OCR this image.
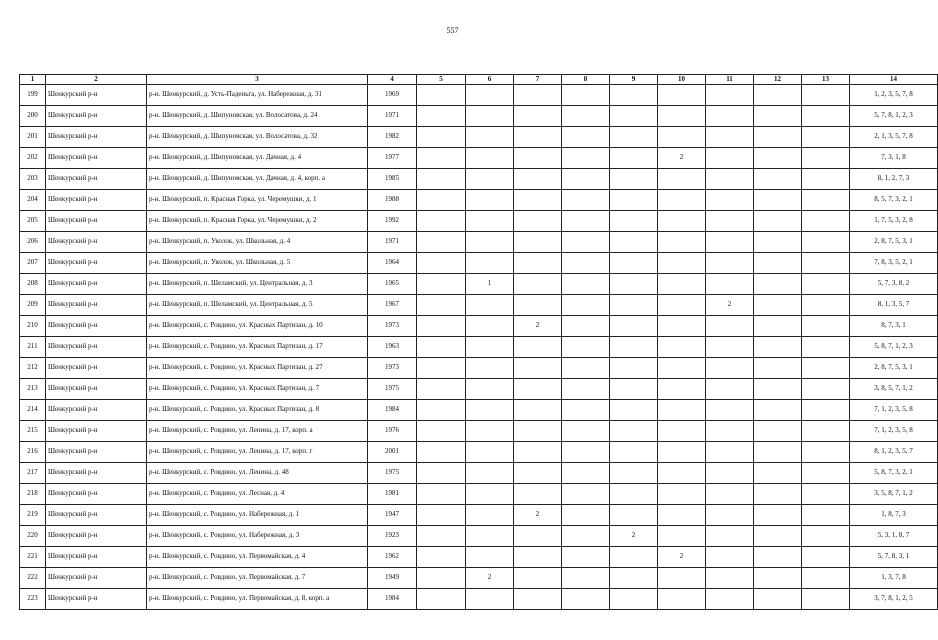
557
1	2	3	4	5	6	7	8	9	10	11	12	13	14
199	Шенкурский р-н	р-н. Шенкурский, д. Усть-Паденьга, ул. Набережная, д. 31	1969										1, 2, 3, 5, 7, 8
200	Шенкурский р-н	р-н. Шенкурский, д. Шипуновская, ул. Волосатова, д. 24	1971										5, 7, 8, 1, 2, 3
201	Шенкурский р-н	р-н. Шенкурский, д. Шипуновская, ул. Волосатова, д. 32	1982										2, 1, 3, 5, 7, 8
202	Шенкурский р-н	р-н. Шенкурский, д. Шипуновская, ул. Дачная, д. 4	1977						2				7, 3, 1, 8
203	Шенкурский р-н	р-н. Шенкурский, д. Шипуновская, ул. Дачная, д. 4, корп. а	1985										8, 1, 2, 7, 3
204	Шенкурский р-н	р-н. Шенкурский, п. Красная Горка, ул. Черемушки, д. 1	1988										8, 5, 7, 3, 2, 1
205	Шенкурский р-н	р-н. Шенкурский, п. Красная Горка, ул. Черемушки, д. 2	1992										1, 7, 5, 3, 2, 8
206	Шенкурский р-н	р-н. Шенкурский, п. Уколок, ул. Школьная, д. 4	1971										2, 8, 7, 5, 3, 1
207	Шенкурский р-н	р-н. Шенкурский, п. Уколок, ул. Школьная, д. 5	1964										7, 8, 3, 5, 2, 1
208	Шенкурский р-н	р-н. Шенкурский, п. Шеламский, ул. Центральная, д. 3	1965		1								5, 7, 3, 8, 2
209	Шенкурский р-н	р-н. Шенкурский, п. Шеламский, ул. Центральная, д. 5	1967							2			8, 1, 3, 5, 7
210	Шенкурский р-н	р-н. Шенкурский, с. Ровдино, ул. Красных Партизан, д. 10	1973			2							8, 7, 3, 1
211	Шенкурский р-н	р-н. Шенкурский, с. Ровдино, ул. Красных Партизан, д. 17	1963										5, 8, 7, 1, 2, 3
212	Шенкурский р-н	р-н. Шенкурский, с. Ровдино, ул. Красных Партизан, д. 27	1973										2, 8, 7, 5, 3, 1
213	Шенкурский р-н	р-н. Шенкурский, с. Ровдино, ул. Красных Партизан, д. 7	1975										3, 8, 5, 7, 1, 2
214	Шенкурский р-н	р-н. Шенкурский, с. Ровдино, ул. Красных Партизан, д. 8	1984										7, 1, 2, 3, 5, 8
215	Шенкурский р-н	р-н. Шенкурский, с. Ровдино, ул. Ленина, д. 17, корп. а	1976										7, 1, 2, 3, 5, 8
216	Шенкурский р-н	р-н. Шенкурский, с. Ровдино, ул. Ленина, д. 17, корп. г	2001										8, 1, 2, 3, 5, 7
217	Шенкурский р-н	р-н. Шенкурский, с. Ровдино, ул. Ленина, д. 48	1975										5, 8, 7, 3, 2, 1
218	Шенкурский р-н	р-н. Шенкурский, с. Ровдино, ул. Лесная, д. 4	1981										3, 5, 8, 7, 1, 2
219	Шенкурский р-н	р-н. Шенкурский, с. Ровдино, ул. Набережная, д. 1	1947			2							1, 8, 7, 3
220	Шенкурский р-н	р-н. Шенкурский, с. Ровдино, ул. Набережная, д. 3	1923					2					5, 3, 1, 8, 7
221	Шенкурский р-н	р-н. Шенкурский, с. Ровдино, ул. Первомайская, д. 4	1962						2				5, 7, 8, 3, 1
222	Шенкурский р-н	р-н. Шенкурский, с. Ровдино, ул. Первомайская, д. 7	1949		2								1, 3, 7, 8
223	Шенкурский р-н	р-н. Шенкурский, с. Ровдино, ул. Первомайская, д. 8, корп. а	1984										3, 7, 8, 1, 2, 5
